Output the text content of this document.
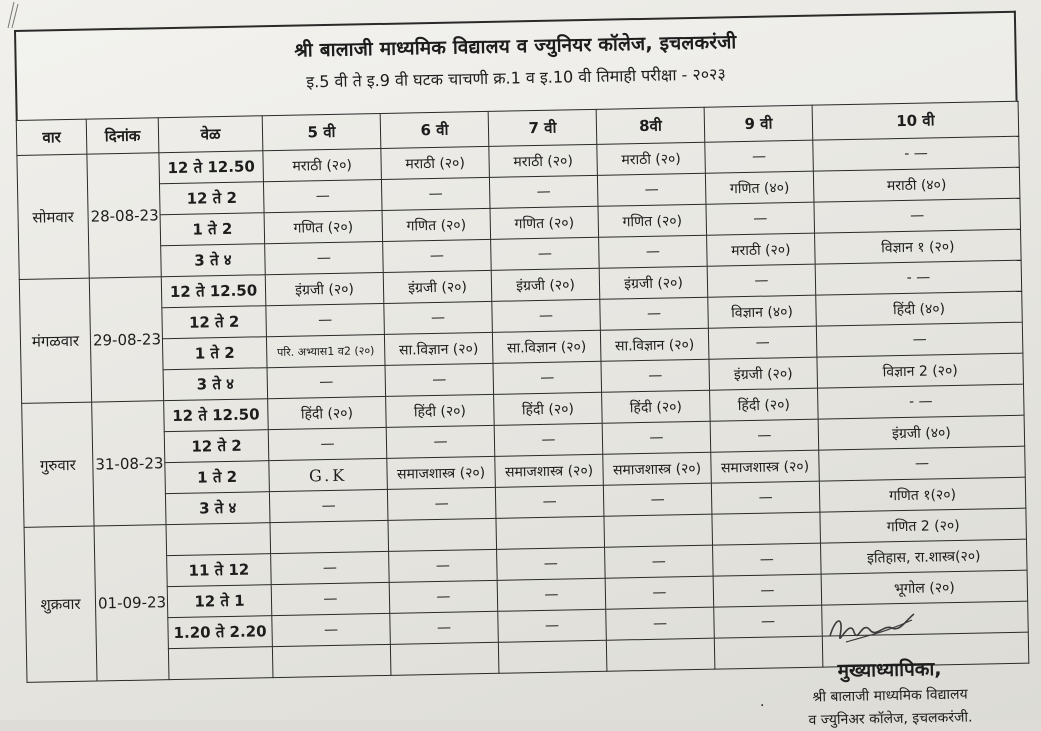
श्री बालाजी माध्यमिक विद्यालय व ज्युनियर कॉलेज, इचलकरंजी
इ.5 वी ते इ.9 वी घटक चाचणी क्र.1 व इ.10 वी तिमाही परीक्षा - २०२३
वार	दिनांक	वेळ	5 वी	6 वी	7 वी	8वी	9 वी	10 वी
सोमवार	28-08-23	12 ते 12.50	मराठी (२०)	मराठी (२०)	मराठी (२०)	मराठी (२०)	—	- —
		12 ते 2	—	—	—	—	गणित (४०)	मराठी (४०)
		1 ते 2	गणित (२०)	गणित (२०)	गणित (२०)	गणित (२०)	—	—
		3 ते ४	—	—	—	—	मराठी (२०)	विज्ञान १ (२०)
मंगळवार	29-08-23	12 ते 12.50	इंग्रजी (२०)	इंग्रजी (२०)	इंग्रजी (२०)	इंग्रजी (२०)	—	- —
		12 ते 2	—	—	—	—	विज्ञान (४०)	हिंदी (४०)
		1 ते 2	परि. अभ्यास1 व2 (२०)	सा.विज्ञान (२०)	सा.विज्ञान (२०)	सा.विज्ञान (२०)	—	—
		3 ते ४	—	—	—	—	इंग्रजी (२०)	विज्ञान 2 (२०)
गुरुवार	31-08-23	12 ते 12.50	हिंदी (२०)	हिंदी (२०)	हिंदी (२०)	हिंदी (२०)	हिंदी (२०)	- —
		12 ते 2	—	—	—	—	—	इंग्रजी (४०)
		1 ते 2	G.K	समाजशास्त्र (२०)	समाजशास्त्र (२०)	समाजशास्त्र (२०)	समाजशास्त्र (२०)	—
		3 ते ४	—	—	—	—	—	गणित १(२०)
शुक्रवार	01-09-23							गणित 2 (२०)
		11 ते 12	—	—	—	—	—	इतिहास, रा.शास्त्र(२०)
		12 ते 1	—	—	—	—	—	भूगोल (२०)
		1.20 ते 2.20	—	—	—	—	—	

मुख्याध्यापिका,
श्री बालाजी माध्यमिक विद्यालय
व ज्युनिअर कॉलेज, इचलकरंजी.
.
